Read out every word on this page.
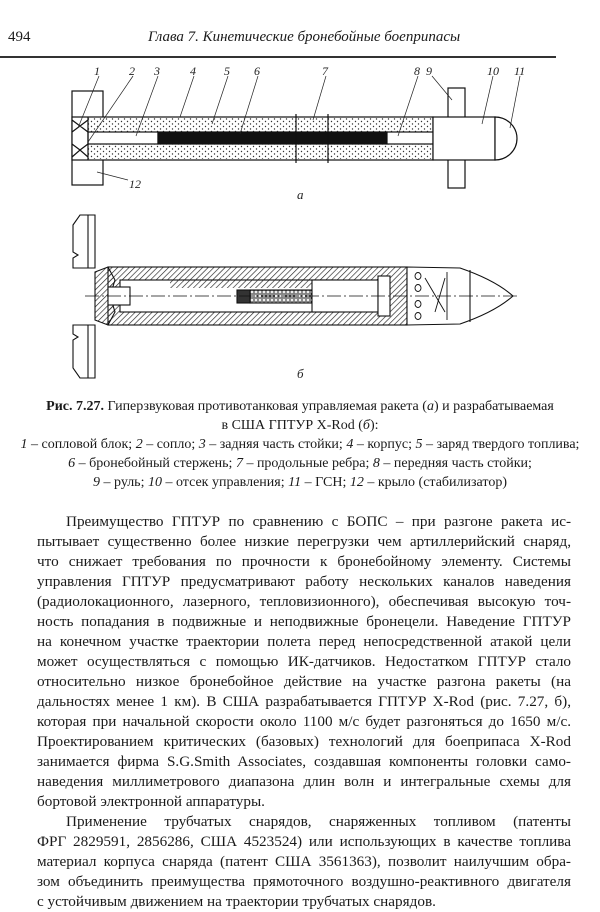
494	Глава 7. Кинетические бронебойные боеприпасы
1 2 3	4 5 6	7	8 9	10 11
12
а
б
Рис. 7.27. Гиперзвуковая противотанковая управляемая ракета (а) и разрабатываемая
в США ГПТУР X-Rod (б):
1 – сопловой блок; 2 – сопло; 3 – задняя часть стойки; 4 – корпус; 5 – заряд твердого топлива;
6 – бронебойный стержень; 7 – продольные ребра; 8 – передняя часть стойки;
9 – руль; 10 – отсек управления; 11 – ГСН; 12 – крыло (стабилизатор)
Преимущество ГПТУР по сравнению с БОПС – при разгоне ракета ис-
пытывает существенно более низкие перегрузки чем артиллерийский снаряд,
что снижает требования по прочности к бронебойному элементу. Системы
управления ГПТУР предусматривают работу нескольких каналов наведения
(радиолокационного, лазерного, тепловизионного), обеспечивая высокую точ-
ность попадания в подвижные и неподвижные бронецели. Наведение ГПТУР
на конечном участке траектории полета перед непосредственной атакой цели
может осуществляться с помощью ИК-датчиков. Недостатком ГПТУР стало
относительно низкое бронебойное действие на участке разгона ракеты (на
дальностях менее 1 км). В США разрабатывается ГПТУР X-Rod (рис. 7.27, б),
которая при начальной скорости около 1100 м/с будет разгоняться до 1650 м/с.
Проектированием критических (базовых) технологий для боеприпаса X-Rod
занимается фирма S.G.Smith Associates, создавшая компоненты головки само-
наведения миллиметрового диапазона длин волн и интегральные схемы для
бортовой электронной аппаратуры.
Применение трубчатых снарядов, снаряженных топливом (патенты
ФРГ 2829591, 2856286, США 4523524) или использующих в качестве топлива
материал корпуса снаряда (патент США 3561363), позволит наилучшим обра-
зом объединить преимущества прямоточного воздушно-реактивного двигателя
с устойчивым движением на траектории трубчатых снарядов.
